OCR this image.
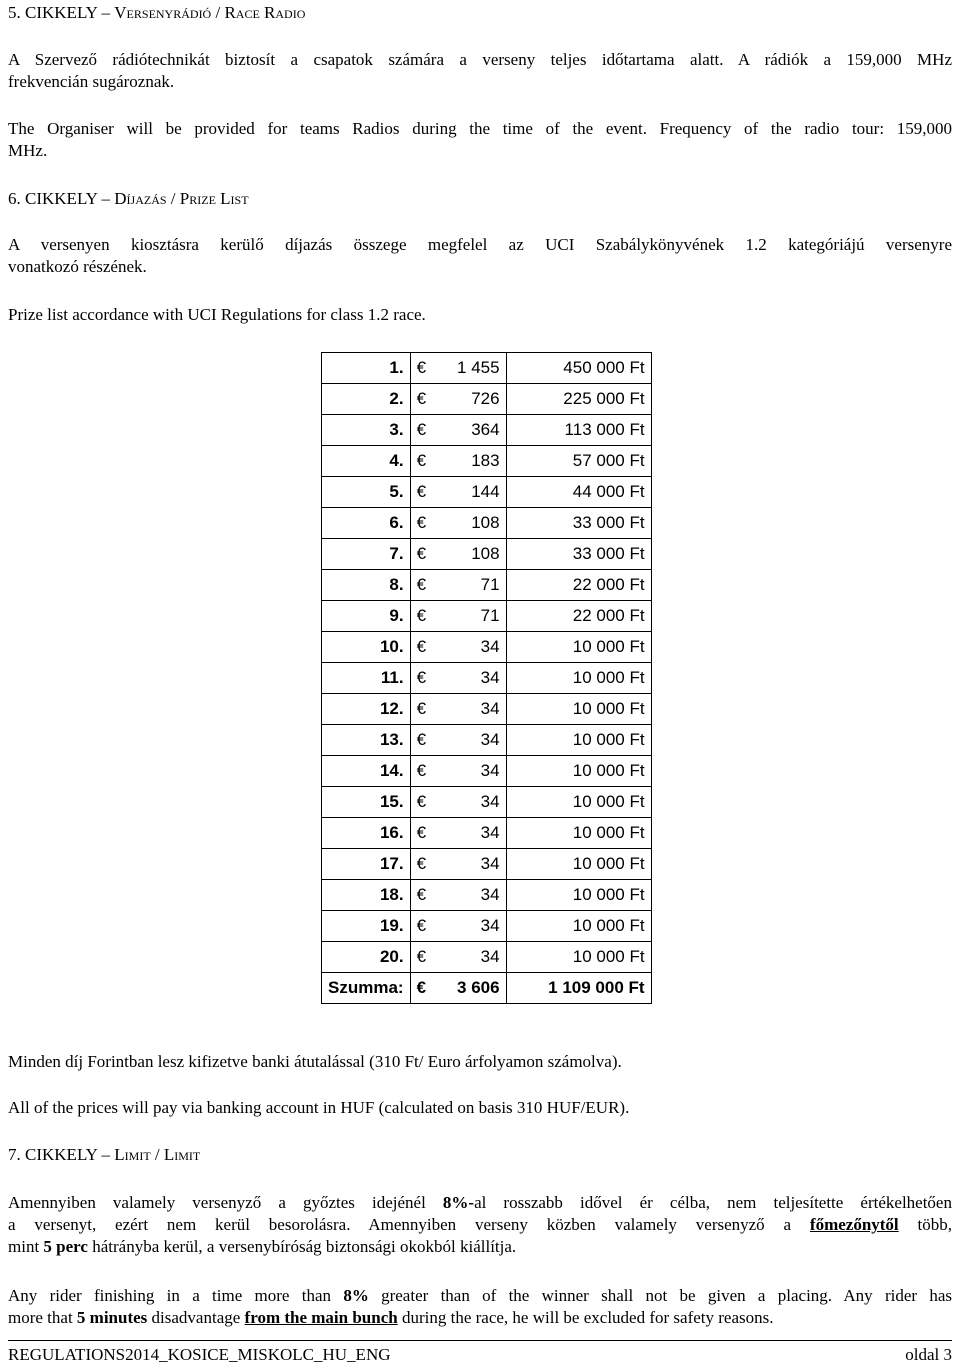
5. CIKKELY – Versenyrádió / Race Radio
A Szervező rádiótechnikát biztosít a csapatok számára a verseny teljes időtartama alatt. A rádiók a 159,000 MHz
frekvencián sugároznak.
The Organiser will be provided for teams Radios during the time of the event. Frequency of the radio tour: 159,000
MHz.
6. CIKKELY – Díjazás / Prize List
A versenyen kiosztásra kerülő díjazás összege megfelel az UCI Szabálykönyvének 1.2 kategóriájú versenyre
vonatkozó részének.
Prize list accordance with UCI Regulations for class 1.2 race.
1.	€ 1 455	450 000 Ft
2.	€ 726	225 000 Ft
3.	€ 364	113 000 Ft
4.	€ 183	57 000 Ft
5.	€ 144	44 000 Ft
6.	€ 108	33 000 Ft
7.	€ 108	33 000 Ft
8.	€ 71	22 000 Ft
9.	€ 71	22 000 Ft
10.	€ 34	10 000 Ft
11.	€ 34	10 000 Ft
12.	€ 34	10 000 Ft
13.	€ 34	10 000 Ft
14.	€ 34	10 000 Ft
15.	€ 34	10 000 Ft
16.	€ 34	10 000 Ft
17.	€ 34	10 000 Ft
18.	€ 34	10 000 Ft
19.	€ 34	10 000 Ft
20.	€ 34	10 000 Ft
Szumma:	€ 3 606	1 109 000 Ft
Minden díj Forintban lesz kifizetve banki átutalással (310 Ft/ Euro árfolyamon számolva).
All of the prices will pay via banking account in HUF (calculated on basis 310 HUF/EUR).
7. CIKKELY – Limit / Limit
Amennyiben valamely versenyző a győztes idejénél 8%-al rosszabb idővel ér célba, nem teljesítette értékelhetően
a versenyt, ezért nem kerül besorolásra. Amennyiben verseny közben valamely versenyző a főmezőnytől több,
mint 5 perc hátrányba kerül, a versenybíróság biztonsági okokból kiállítja.
Any rider finishing in a time more than 8% greater than of the winner shall not be given a placing. Any rider has
more that 5 minutes disadvantage from the main bunch during the race, he will be excluded for safety reasons.
REGULATIONS2014_KOSICE_MISKOLC_HU_ENG	oldal 3
